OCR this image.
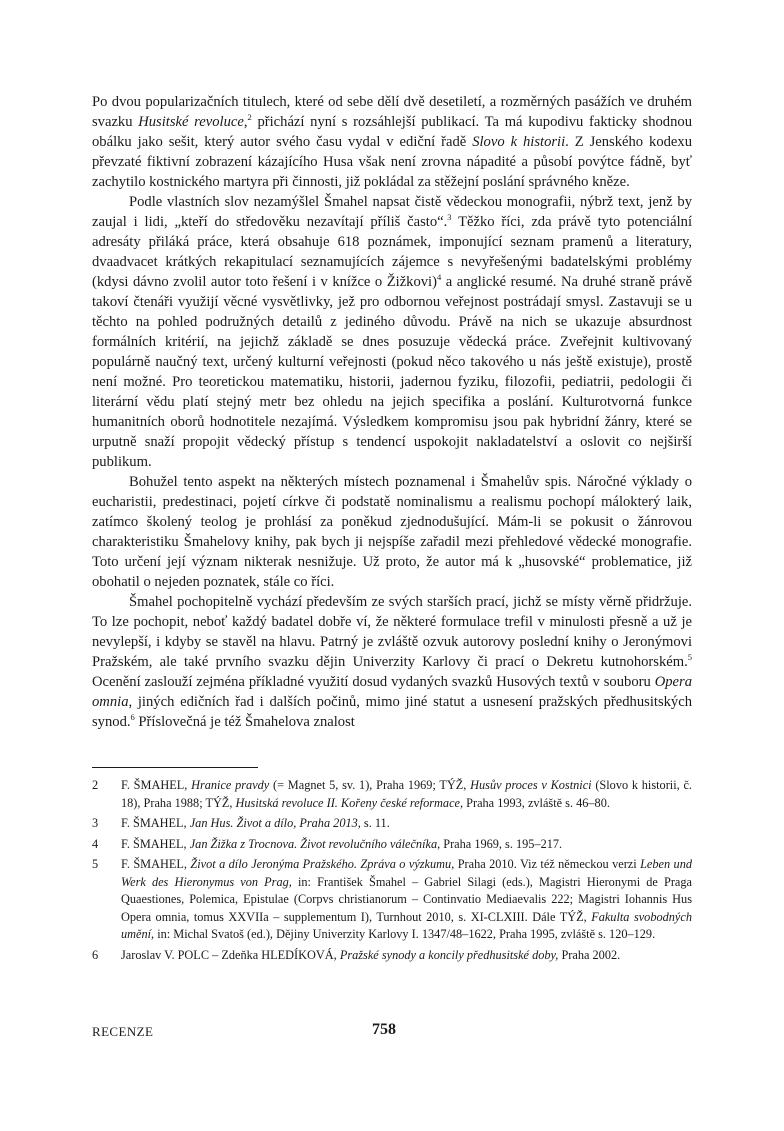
Po dvou popularizačních titulech, které od sebe dělí dvě desetiletí, a rozměrných pasážích ve druhém svazku Husitské revoluce,$^2$ přichází nyní s rozsáhlejší publikací. Ta má kupodivu fakticky shodnou obálku jako sešit, který autor svého času vydal v ediční řadě Slovo k historii. Z Jenského kodexu převzaté fiktivní zobrazení kázajícího Husa však není zrovna nápadité a působí povýtce fádně, byť zachytilo kostnického martyra při činnosti, již pokládal za stěžejní poslání správného kněze.

Podle vlastních slov nezamýšlel Šmahel napsat čistě vědeckou monografii, nýbrž text, jenž by zaujal i lidi, „kteří do středověku nezavítají příliš často“.$^3$ Těžko říci, zda právě tyto potenciální adresáty přiláká práce, která obsahuje 618 poznámek, imponující seznam pramenů a literatury, dvaadvacet krátkých rekapitulací seznamujících zájemce s nevyřešenými badatelskými problémy (kdysi dávno zvolil autor toto řešení i v knížce o Žižkovi)$^4$ a anglické resumé. Na druhé straně právě takoví čtenáři využijí věcné vysvětlivky, jež pro odbornou veřejnost postrádají smysl. Zastavuji se u těchto na pohled podružných detailů z jediného důvodu. Právě na nich se ukazuje absurdnost formálních kritérií, na jejichž základě se dnes posuzuje vědecká práce. Zveřejnit kultivovaný populárně naučný text, určený kulturní veřejnosti (pokud něco takového u nás ještě existuje), prostě není možné. Pro teoretickou matematiku, historii, jadernou fyziku, filozofii, pediatrii, pedologii či literární vědu platí stejný metr bez ohledu na jejich specifika a poslání. Kulturotvorná funkce humanitních oborů hodnotitele nezajímá. Výsledkem kompromisu jsou pak hybridní žánry, které se urputně snaží propojit vědecký přístup s tendencí uspokojit nakladatelství a oslovit co nejširší publikum.

Bohužel tento aspekt na některých místech poznamenal i Šmahelův spis. Náročné výklady o eucharistii, predestinaci, pojetí církve či podstatě nominalismu a realismu pochopí málokterý laik, zatímco školený teolog je prohlásí za poněkud zjednodušující. Mám-li se pokusit o žánrovou charakteristiku Šmahelovy knihy, pak bych ji nejspíše zařadil mezi přehledové vědecké monografie. Toto určení její význam nikterak nesnižuje. Už proto, že autor má k „husovské“ problematice, již obohatil o nejeden poznatek, stále co říci.

Šmahel pochopitelně vychází především ze svých starších prací, jichž se místy věrně přidržuje. To lze pochopit, neboť každý badatel dobře ví, že některé formulace trefil v minulosti přesně a už je nevylepší, i kdyby se stavěl na hlavu. Patrný je zvláště ozvuk autorovy poslední knihy o Jeronýmovi Pražském, ale také prvního svazku dějin Univerzity Karlovy či prací o Dekretu kutnohorském.$^5$ Ocenění zaslouží zejména příkladné využití dosud vydaných svazků Husových textů v souboru Opera omnia, jiných edičních řad i dalších počinů, mimo jiné statut a usnesení pražských předhusitských synod.$^6$ Příslovečná je též Šmahelova znalost

2 F. ŠMAHEL, Hranice pravdy (= Magnet 5, sv. 1), Praha 1969; TÝŽ, Husův proces v Kostnici (Slovo k historii, č. 18), Praha 1988; TÝŽ, Husitská revoluce II. Kořeny české reformace, Praha 1993, zvláště s. 46–80.
3 F. ŠMAHEL, Jan Hus. Život a dílo, Praha 2013, s. 11.
4 F. ŠMAHEL, Jan Žižka z Trocnova. Život revolučního válečníka, Praha 1969, s. 195–217.
5 F. ŠMAHEL, Život a dílo Jeronýma Pražského. Zpráva o výzkumu, Praha 2010. Viz též německou verzi Leben und Werk des Hieronymus von Prag, in: František Šmahel – Gabriel Silagi (eds.), Magistri Hieronymi de Praga Quaestiones, Polemica, Epistulae (Corpvs christianorum – Continvatio Mediaevalis 222; Magistri Iohannis Hus Opera omnia, tomus XXVIIa – supplementum I), Turnhout 2010, s. XI-CLXIII. Dále TÝŽ, Fakulta svobodných umění, in: Michal Svatoš (ed.), Dějiny Univerzity Karlovy I. 1347/48–1622, Praha 1995, zvláště s. 120–129.
6 Jaroslav V. POLC – Zdeňka HLEDÍKOVÁ, Pražské synody a koncily předhusitské doby, Praha 2002.
RECENZE	758
